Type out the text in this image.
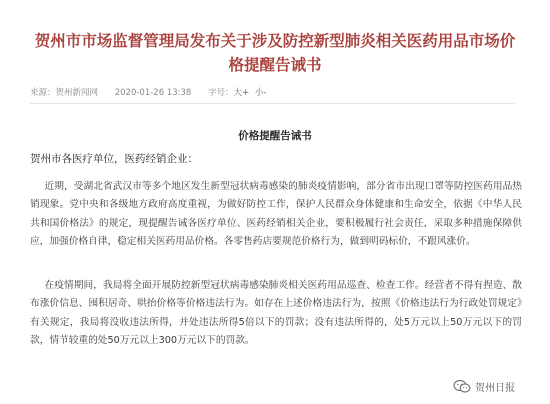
贺州市市场监督管理局发布关于涉及防控新型肺炎相关医药用品市场价格提醒告诫书
来源：贺州新闻网 2020-01-26 13:38 字号：大+ 小-
价格提醒告诫书
贺州市各医疗单位，医药经销企业：

近期，受湖北省武汉市等多个地区发生新型冠状病毒感染的肺炎疫情影响，部分省市出现口罩等防控医药用品热销现象。党中央和各级地方政府高度重视，为做好防控工作，保护人民群众身体健康和生命安全，依据《中华人民共和国价格法》的规定，现提醒告诫各医疗单位、医药经销相关企业，要积极履行社会责任，采取多种措施保障供应，加强价格自律，稳定相关医药用品价格。各零售药店要规范价格行为，做到明码标价，不跟风涨价。

在疫情期间，我局将全面开展防控新型冠状病毒感染肺炎相关医药用品巡查、检查工作。经营者不得有捏造、散布涨价信息、囤积居奇、哄抬价格等价格违法行为。如存在上述价格违法行为，按照《价格违法行为行政处罚规定》有关规定，我局将没收违法所得，并处违法所得5倍以下的罚款；没有违法所得的，处5万元以上50万元以下的罚款，情节较重的处50万元以上300万元以下的罚款。

贺州日报
